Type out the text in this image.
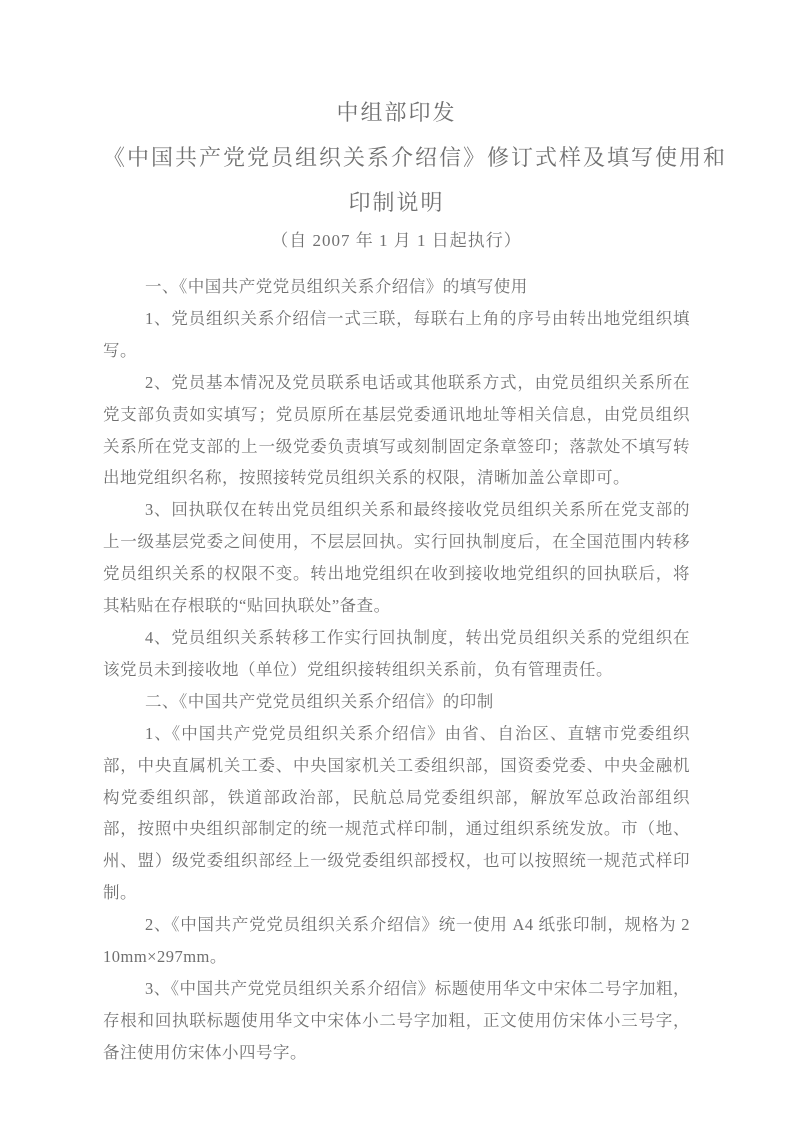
中组部印发
《中国共产党党员组织关系介绍信》修订式样及填写使用和
印制说明
（自 2007 年 1 月 1 日起执行）

一、《中国共产党党员组织关系介绍信》的填写使用

1、党员组织关系介绍信一式三联，每联右上角的序号由转出地党组织填写。

2、党员基本情况及党员联系电话或其他联系方式，由党员组织关系所在党支部负责如实填写；党员原所在基层党委通讯地址等相关信息，由党员组织关系所在党支部的上一级党委负责填写或刻制固定条章签印；落款处不填写转出地党组织名称，按照接转党员组织关系的权限，清晰加盖公章即可。

3、回执联仅在转出党员组织关系和最终接收党员组织关系所在党支部的上一级基层党委之间使用，不层层回执。实行回执制度后，在全国范围内转移党员组织关系的权限不变。转出地党组织在收到接收地党组织的回执联后，将其粘贴在存根联的“贴回执联处”备查。

4、党员组织关系转移工作实行回执制度，转出党员组织关系的党组织在该党员未到接收地（单位）党组织接转组织关系前，负有管理责任。

二、《中国共产党党员组织关系介绍信》的印制

1、《中国共产党党员组织关系介绍信》由省、自治区、直辖市党委组织部，中央直属机关工委、中央国家机关工委组织部，国资委党委、中央金融机构党委组织部，铁道部政治部，民航总局党委组织部，解放军总政治部组织部，按照中央组织部制定的统一规范式样印制，通过组织系统发放。市（地、州、盟）级党委组织部经上一级党委组织部授权，也可以按照统一规范式样印制。

2、《中国共产党党员组织关系介绍信》统一使用 A4 纸张印制，规格为 210mm×297mm。

3、《中国共产党党员组织关系介绍信》标题使用华文中宋体二号字加粗，存根和回执联标题使用华文中宋体小二号字加粗，正文使用仿宋体小三号字，备注使用仿宋体小四号字。
